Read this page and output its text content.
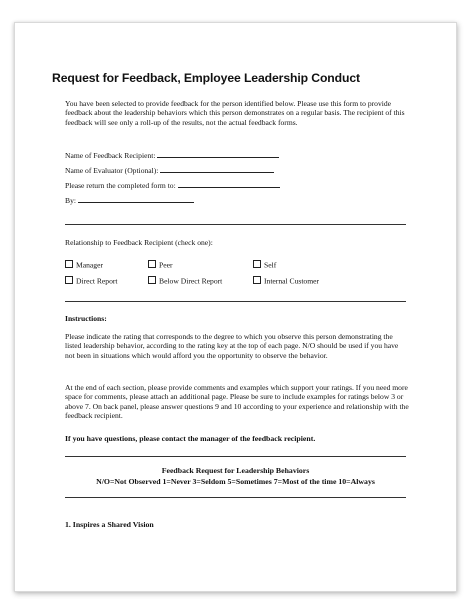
Request for Feedback, Employee Leadership Conduct
You have been selected to provide feedback for the person identified below. Please use this form to provide feedback about the leadership behaviors which this person demonstrates on a regular basis. The recipient of this feedback will see only a roll-up of the results, not the actual feedback forms.
Name of Feedback Recipient:
Name of Evaluator (Optional):
Please return the completed form to:
By:
Relationship to Feedback Recipient (check one):
Manager	Peer	Self
Direct Report	Below Direct Report	Internal Customer
Instructions:
Please indicate the rating that corresponds to the degree to which you observe this person demonstrating the listed leadership behavior, according to the rating key at the top of each page. N/O should be used if you have not been in situations which would afford you the opportunity to observe the behavior.
At the end of each section, please provide comments and examples which support your ratings. If you need more space for comments, please attach an additional page. Please be sure to include examples for ratings below 3 or above 7. On back panel, please answer questions 9 and 10 according to your experience and relationship with the feedback recipient.
If you have questions, please contact the manager of the feedback recipient.
Feedback Request for Leadership Behaviors
N/O=Not Observed 1=Never 3=Seldom 5=Sometimes 7=Most of the time 10=Always
1. Inspires a Shared Vision
